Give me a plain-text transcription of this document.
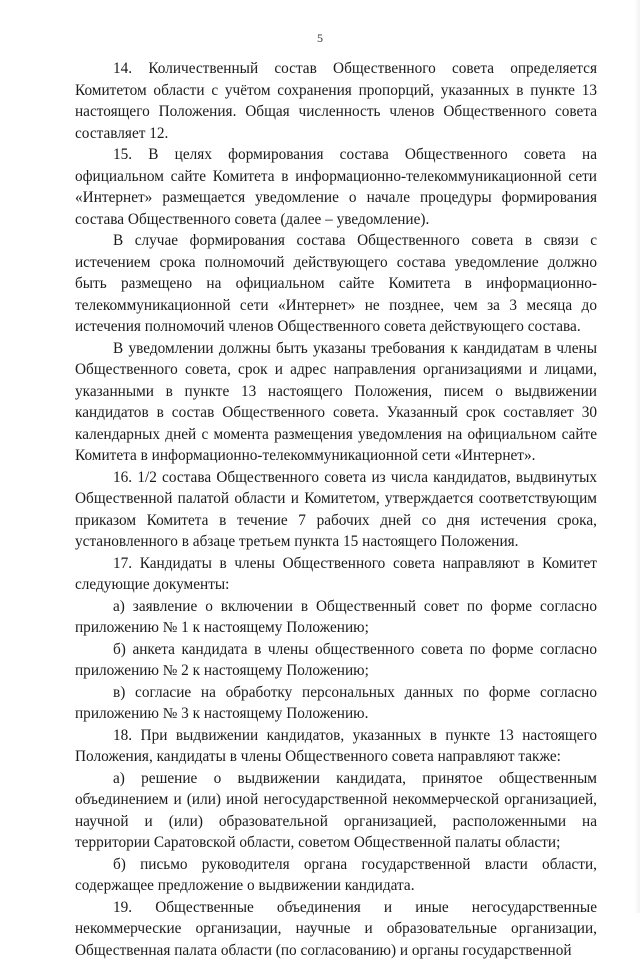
5

14. Количественный состав Общественного совета определяется Комитетом области с учётом сохранения пропорций, указанных в пункте 13 настоящего Положения. Общая численность членов Общественного совета составляет 12.

15. В целях формирования состава Общественного совета на официальном сайте Комитета в информационно-телекоммуникационной сети «Интернет» размещается уведомление о начале процедуры формирования состава Общественного совета (далее – уведомление).

В случае формирования состава Общественного совета в связи с истечением срока полномочий действующего состава уведомление должно быть размещено на официальном сайте Комитета в информационно-телекоммуникационной сети «Интернет» не позднее, чем за 3 месяца до истечения полномочий членов Общественного совета действующего состава.

В уведомлении должны быть указаны требования к кандидатам в члены Общественного совета, срок и адрес направления организациями и лицами, указанными в пункте 13 настоящего Положения, писем о выдвижении кандидатов в состав Общественного совета. Указанный срок составляет 30 календарных дней с момента размещения уведомления на официальном сайте Комитета в информационно-телекоммуникационной сети «Интернет».

16. 1/2 состава Общественного совета из числа кандидатов, выдвинутых Общественной палатой области и Комитетом, утверждается соответствующим приказом Комитета в течение 7 рабочих дней со дня истечения срока, установленного в абзаце третьем пункта 15 настоящего Положения.

17. Кандидаты в члены Общественного совета направляют в Комитет следующие документы:

а) заявление о включении в Общественный совет по форме согласно приложению № 1 к настоящему Положению;

б) анкета кандидата в члены общественного совета по форме согласно приложению № 2 к настоящему Положению;

в) согласие на обработку персональных данных по форме согласно приложению № 3 к настоящему Положению.

18. При выдвижении кандидатов, указанных в пункте 13 настоящего Положения, кандидаты в члены Общественного совета направляют также:

а) решение о выдвижении кандидата, принятое общественным объединением и (или) иной негосударственной некоммерческой организацией, научной и (или) образовательной организацией, расположенными на территории Саратовской области, советом Общественной палаты области;

б) письмо руководителя органа государственной власти области, содержащее предложение о выдвижении кандидата.

19. Общественные объединения и иные негосударственные некоммерческие организации, научные и образовательные организации, Общественная палата области (по согласованию) и органы государственной
